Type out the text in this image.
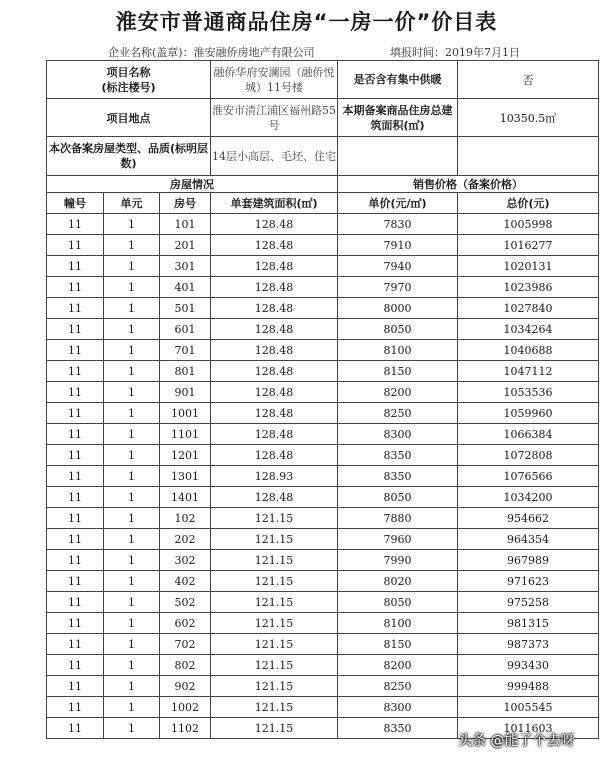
淮安市普通商品住房“一房一价”价目表
企业名称(盖章)：淮安融侨房地产有限公司	填报时间：2019年7月1日
项目名称
(标注楼号)			融侨华府安澜园（融侨悦城）11号楼	是否含有集中供暖	否
项目地点			淮安市清江浦区福州路55号	本期备案商品住房总建筑面积(㎡)	10350.5㎡
本次备案房屋类型、品质(标明层数)			14层小高层、毛坯、住宅		
房屋情况				销售价格（备案价格）	
幢号	单元	房号	单套建筑面积(㎡)	单价(元/㎡)	总价(元)
11	1	101	128.48	7830	1005998
11	1	201	128.48	7910	1016277
11	1	301	128.48	7940	1020131
11	1	401	128.48	7970	1023986
11	1	501	128.48	8000	1027840
11	1	601	128.48	8050	1034264
11	1	701	128.48	8100	1040688
11	1	801	128.48	8150	1047112
11	1	901	128.48	8200	1053536
11	1	1001	128.48	8250	1059960
11	1	1101	128.48	8300	1066384
11	1	1201	128.48	8350	1072808
11	1	1301	128.93	8350	1076566
11	1	1401	128.48	8050	1034200
11	1	102	121.15	7880	954662
11	1	202	121.15	7960	964354
11	1	302	121.15	7990	967989
11	1	402	121.15	8020	971623
11	1	502	121.15	8050	975258
11	1	602	121.15	8100	981315
11	1	702	121.15	8150	987373
11	1	802	121.15	8200	993430
11	1	902	121.15	8250	999488
11	1	1002	121.15	8300	1005545
11	1	1102	121.15	8350	1011603
头条 @能了个去呀
